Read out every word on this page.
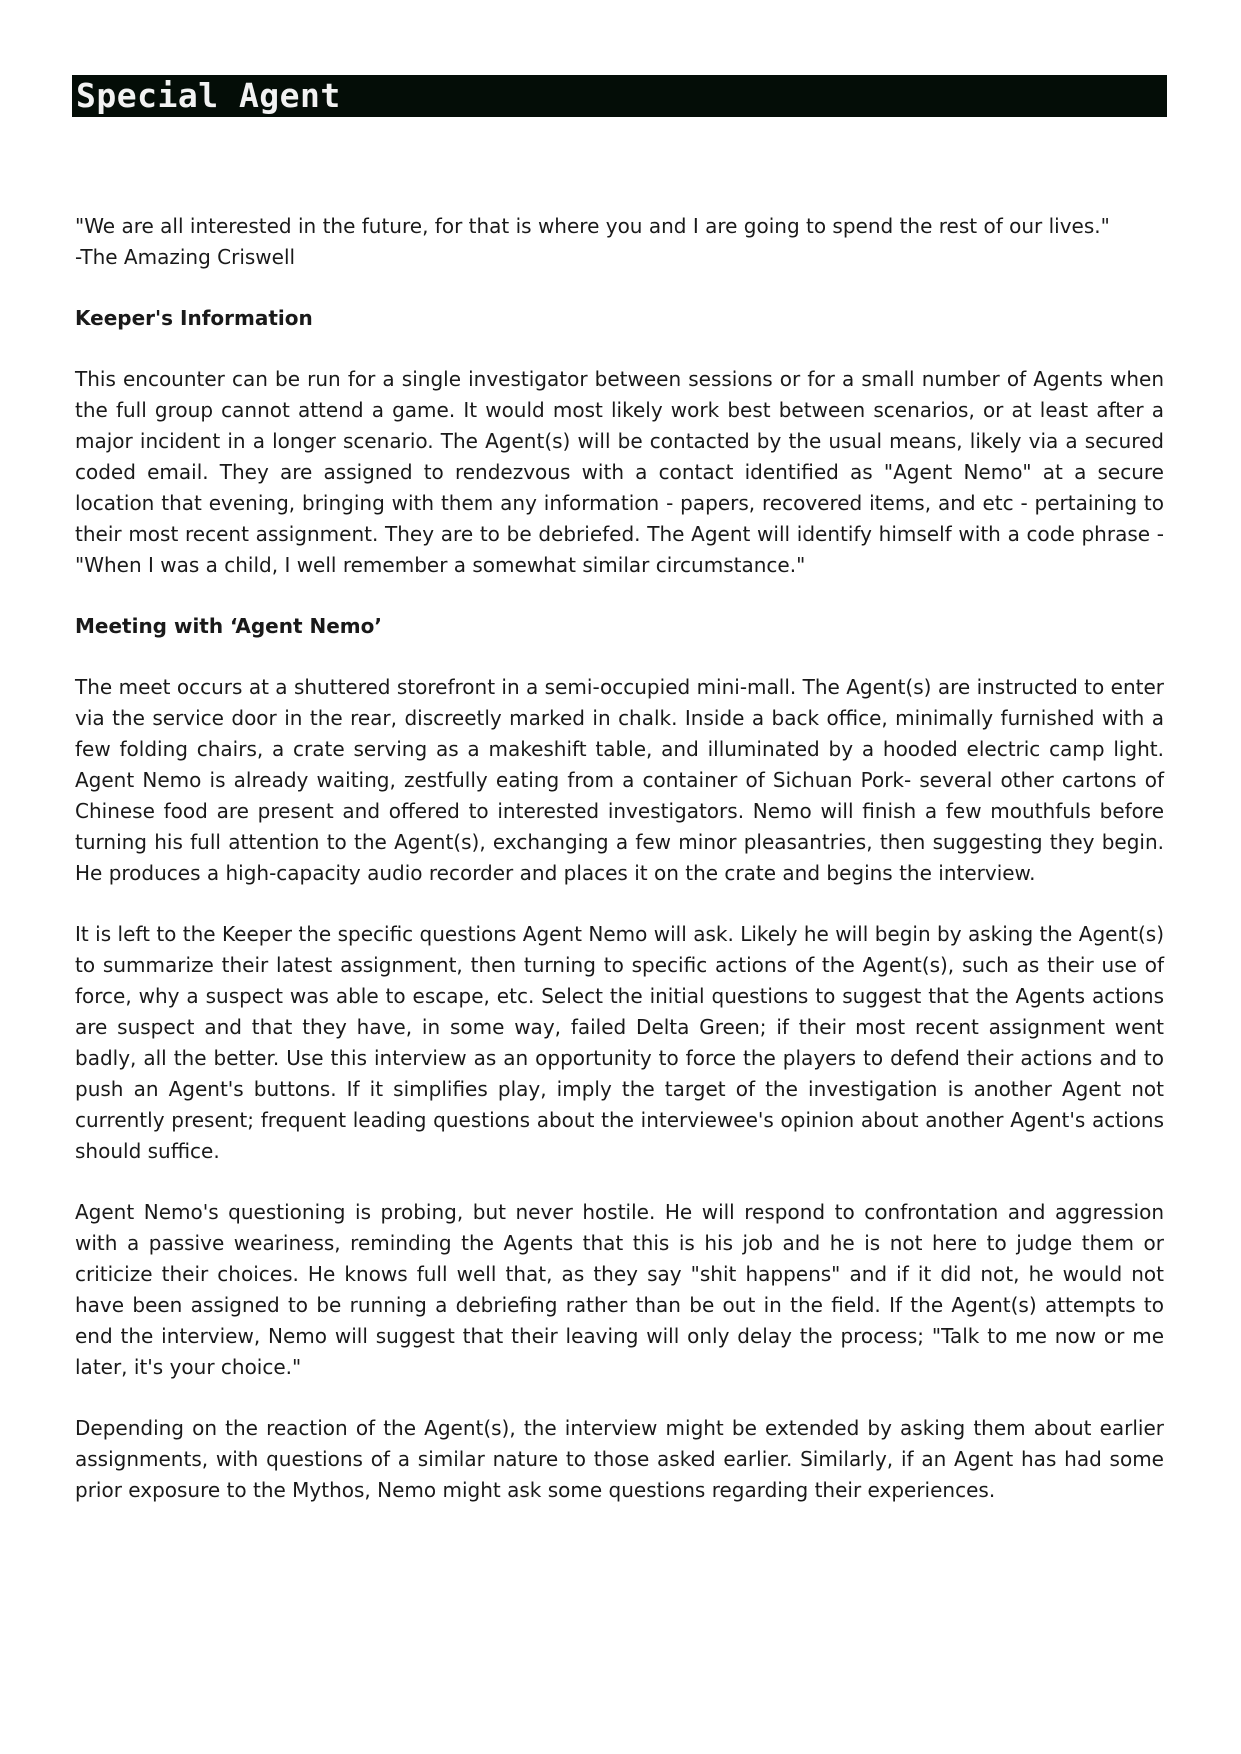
Special Agent
"We are all interested in the future, for that is where you and I are going to spend the rest of our lives."
-The Amazing Criswell
Keeper's Information

This encounter can be run for a single investigator between sessions or for a small number of Agents when the full group cannot attend a game. It would most likely work best between scenarios, or at least after a major incident in a longer scenario. The Agent(s) will be contacted by the usual means, likely via a secured coded email. They are assigned to rendezvous with a contact identified as "Agent Nemo" at a secure location that evening, bringing with them any information - papers, recovered items, and etc - pertaining to their most recent assignment. They are to be debriefed. The Agent will identify himself with a code phrase - "When I was a child, I well remember a somewhat similar circumstance."

Meeting with ‘Agent Nemo’

The meet occurs at a shuttered storefront in a semi-occupied mini-mall. The Agent(s) are instructed to enter via the service door in the rear, discreetly marked in chalk. Inside a back office, minimally furnished with a few folding chairs, a crate serving as a makeshift table, and illuminated by a hooded electric camp light. Agent Nemo is already waiting, zestfully eating from a container of Sichuan Pork- several other cartons of Chinese food are present and offered to interested investigators. Nemo will finish a few mouthfuls before turning his full attention to the Agent(s), exchanging a few minor pleasantries, then suggesting they begin. He produces a high-capacity audio recorder and places it on the crate and begins the interview.

It is left to the Keeper the specific questions Agent Nemo will ask. Likely he will begin by asking the Agent(s) to summarize their latest assignment, then turning to specific actions of the Agent(s), such as their use of force, why a suspect was able to escape, etc. Select the initial questions to suggest that the Agents actions are suspect and that they have, in some way, failed Delta Green; if their most recent assignment went badly, all the better. Use this interview as an opportunity to force the players to defend their actions and to push an Agent's buttons. If it simplifies play, imply the target of the investigation is another Agent not currently present; frequent leading questions about the interviewee's opinion about another Agent's actions should suffice.

Agent Nemo's questioning is probing, but never hostile. He will respond to confrontation and aggression with a passive weariness, reminding the Agents that this is his job and he is not here to judge them or criticize their choices. He knows full well that, as they say "shit happens" and if it did not, he would not have been assigned to be running a debriefing rather than be out in the field. If the Agent(s) attempts to end the interview, Nemo will suggest that their leaving will only delay the process; "Talk to me now or me later, it's your choice."

Depending on the reaction of the Agent(s), the interview might be extended by asking them about earlier assignments, with questions of a similar nature to those asked earlier. Similarly, if an Agent has had some prior exposure to the Mythos, Nemo might ask some questions regarding their experiences.
